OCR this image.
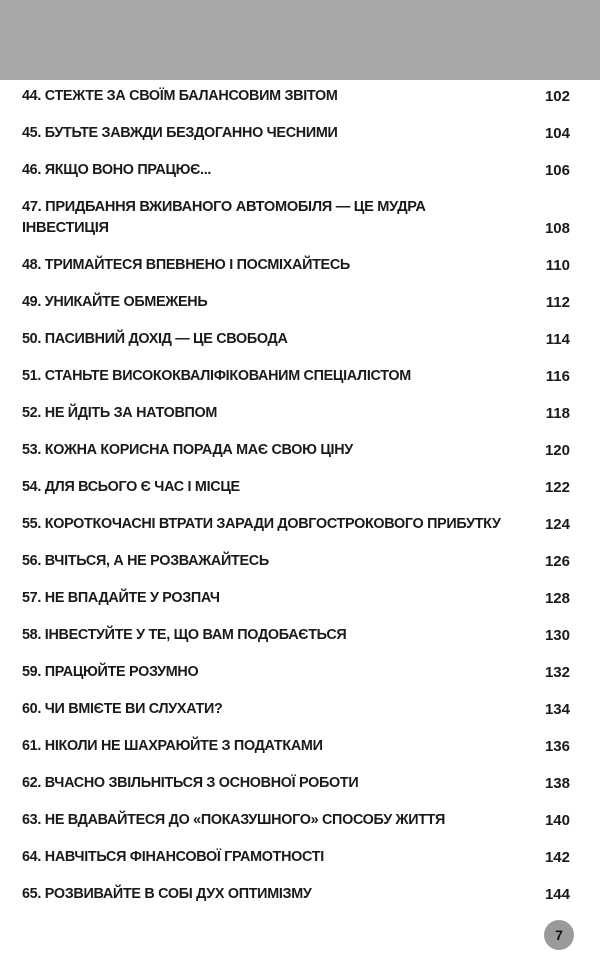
44. СТЕЖТЕ ЗА СВОЇМ БАЛАНСОВИМ ЗВІТОМ	102
45. БУТЬТЕ ЗАВЖДИ БЕЗДОГАННО ЧЕСНИМИ	104
46. ЯКЩО ВОНО ПРАЦЮЄ...	106
47. ПРИДБАННЯ ВЖИВАНОГО АВТОМОБІЛЯ — ЦЕ МУДРА
ІНВЕСТИЦІЯ	108
48. ТРИМАЙТЕСЯ ВПЕВНЕНО І ПОСМІХАЙТЕСЬ	110
49. УНИКАЙТЕ ОБМЕЖЕНЬ	112
50. ПАСИВНИЙ ДОХІД — ЦЕ СВОБОДА	114
51. СТАНЬТЕ ВИСОКОКВАЛІФІКОВАНИМ СПЕЦІАЛІСТОМ	116
52. НЕ ЙДІТЬ ЗА НАТОВПОМ	118
53. КОЖНА КОРИСНА ПОРАДА МАЄ СВОЮ ЦІНУ	120
54. ДЛЯ ВСЬОГО Є ЧАС І МІСЦЕ	122
55. КОРОТКОЧАСНІ ВТРАТИ ЗАРАДИ ДОВГОСТРОКОВОГО ПРИБУТКУ	124
56. ВЧІТЬСЯ, А НЕ РОЗВАЖАЙТЕСЬ	126
57. НЕ ВПАДАЙТЕ У РОЗПАЧ	128
58. ІНВЕСТУЙТЕ У ТЕ, ЩО ВАМ ПОДОБАЄТЬСЯ	130
59. ПРАЦЮЙТЕ РОЗУМНО	132
60. ЧИ ВМІЄТЕ ВИ СЛУХАТИ?	134
61. НІКОЛИ НЕ ШАХРАЮЙТЕ З ПОДАТКАМИ	136
62. ВЧАСНО ЗВІЛЬНІТЬСЯ З ОСНОВНОЇ РОБОТИ	138
63. НЕ ВДАВАЙТЕСЯ ДО «ПОКАЗУШНОГО» СПОСОБУ ЖИТТЯ	140
64. НАВЧІТЬСЯ ФІНАНСОВОЇ ГРАМОТНОСТІ	142
65. РОЗВИВАЙТЕ В СОБІ ДУХ ОПТИМІЗМУ	144
7
